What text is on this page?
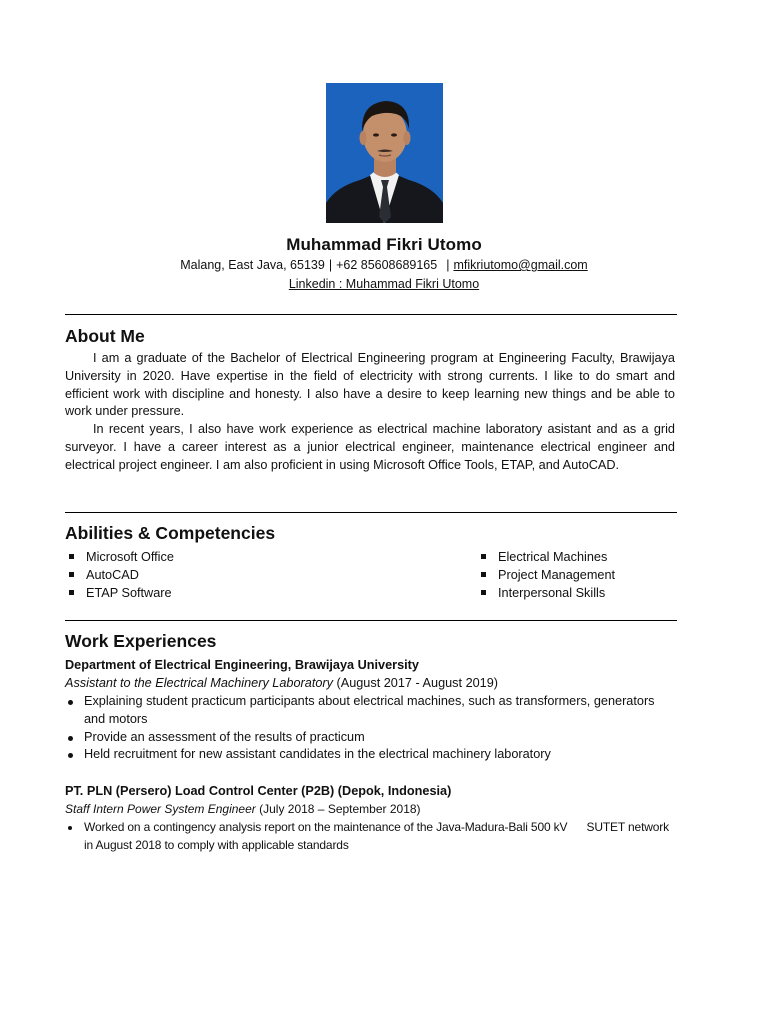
Muhammad Fikri Utomo
Malang, East Java, 65139 | +62 85608689165 | mfikriutomo@gmail.com
Linkedin : Muhammad Fikri Utomo
About Me

I am a graduate of the Bachelor of Electrical Engineering program at Engineering Faculty, Brawijaya University in 2020. Have expertise in the field of electricity with strong currents. I like to do smart and efficient work with discipline and honesty. I also have a desire to keep learning new things and be able to work under pressure.

In recent years, I also have work experience as electrical machine laboratory asistant and as a grid surveyor. I have a career interest as a junior electrical engineer, maintenance electrical engineer and electrical project engineer. I am also proficient in using Microsoft Office Tools, ETAP, and AutoCAD.

Abilities & Competencies
Microsoft Office
AutoCAD
ETAP Software
Electrical Machines
Project Management
Interpersonal Skills
Work Experiences
Department of Electrical Engineering, Brawijaya University
Assistant to the Electrical Machinery Laboratory (August 2017 - August 2019)
Explaining student practicum participants about electrical machines, such as transformers, generators and motors
Provide an assessment of the results of practicum
Held recruitment for new assistant candidates in the electrical machinery laboratory
PT. PLN (Persero) Load Control Center (P2B) (Depok, Indonesia)
Staff Intern Power System Engineer (July 2018 – September 2018)
Worked on a contingency analysis report on the maintenance of the Java-Madura-Bali 500 kV      SUTET network in August 2018 to comply with applicable standards
